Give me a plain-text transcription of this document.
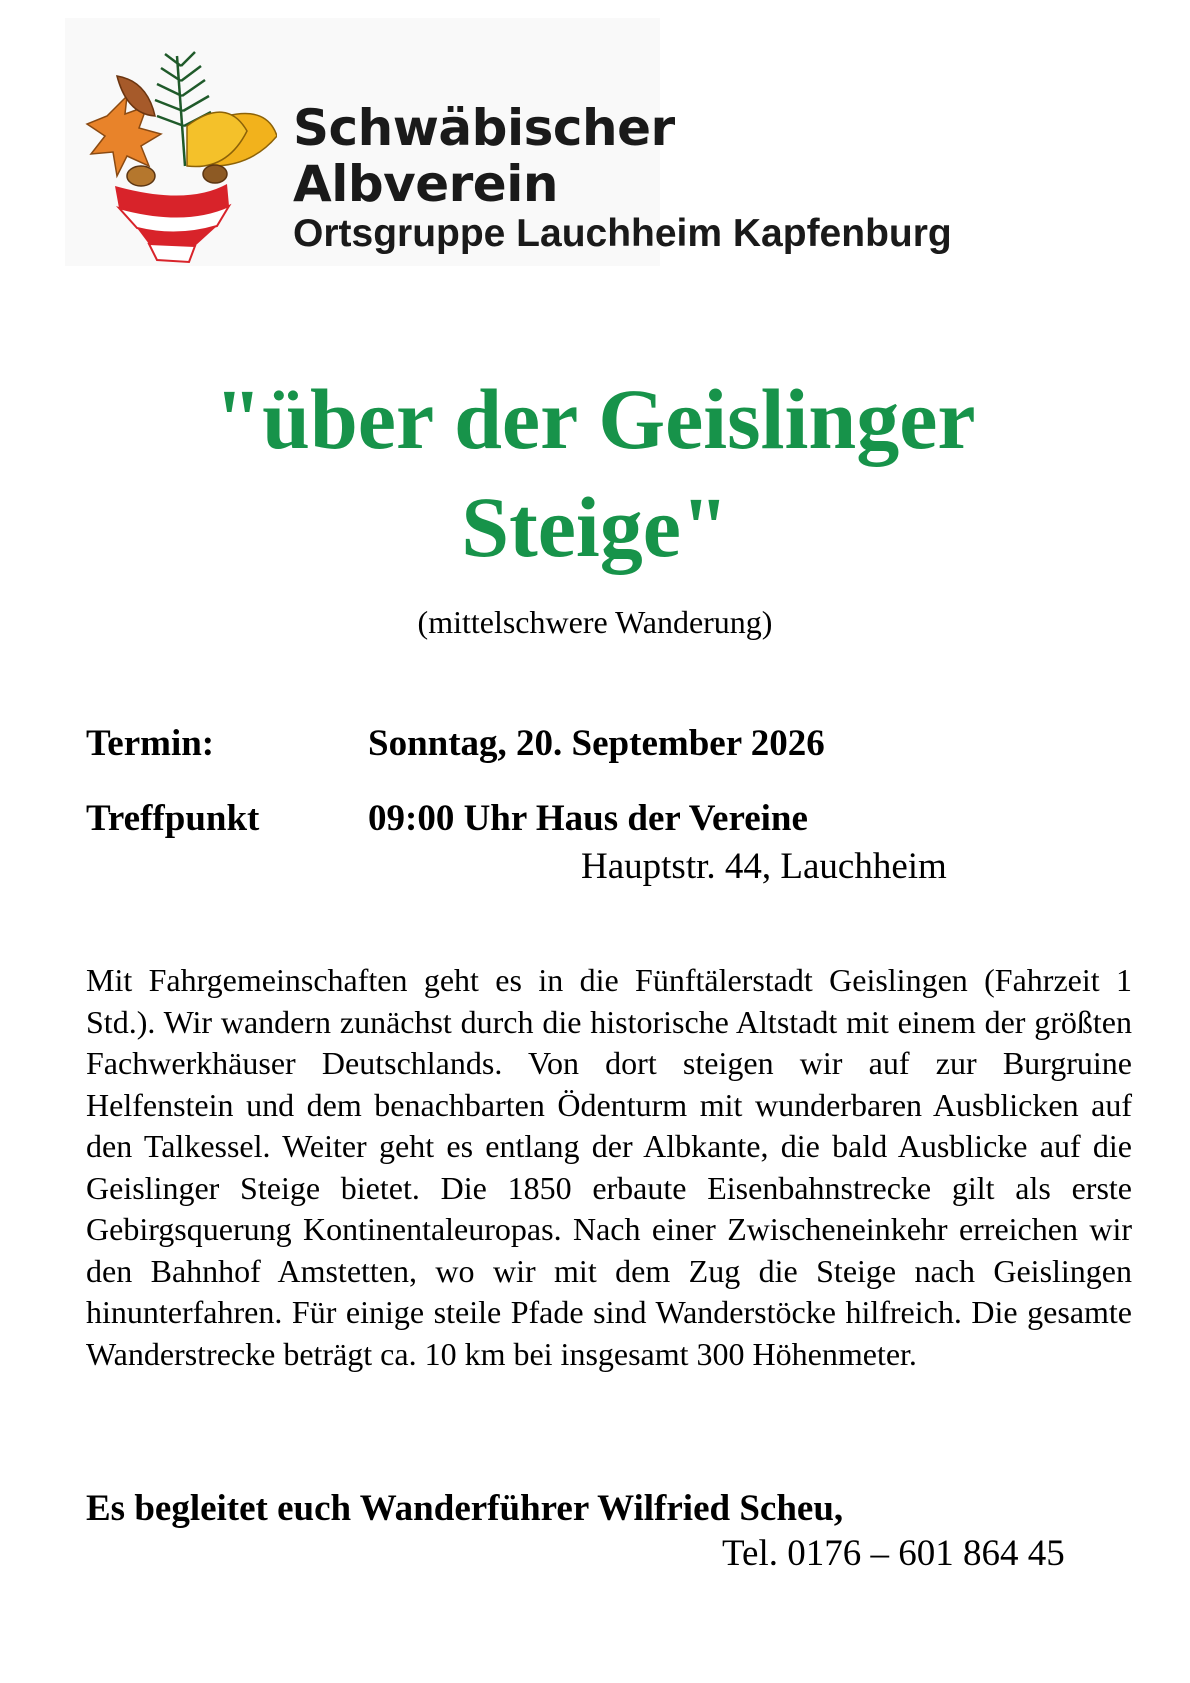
Schwäbischer
Albverein
Ortsgruppe Lauchheim Kapfenburg
"über der Geislinger
Steige"
(mittelschwere Wanderung)
Termin:	Sonntag, 20. September 2026
Treffpunkt	09:00 Uhr Haus der Vereine
Hauptstr. 44, Lauchheim

Mit Fahrgemeinschaften geht es in die Fünftälerstadt Geislingen (Fahrzeit 1 Std.). Wir wandern zunächst durch die historische Altstadt mit einem der größten Fachwerkhäuser Deutschlands. Von dort steigen wir auf zur Burgruine Helfenstein und dem benachbarten Ödenturm mit wunderbaren Ausblicken auf den Talkessel. Weiter geht es entlang der Albkante, die bald Ausblicke auf die Geislinger Steige bietet. Die 1850 erbaute Eisenbahnstrecke gilt als erste Gebirgsquerung Kontinentaleuropas. Nach einer Zwischeneinkehr erreichen wir den Bahnhof Amstetten, wo wir mit dem Zug die Steige nach Geislingen hinunterfahren. Für einige steile Pfade sind Wanderstöcke hilfreich. Die gesamte Wanderstrecke beträgt ca. 10 km bei insgesamt 300 Höhenmeter.

Es begleitet euch Wanderführer Wilfried Scheu,
Tel. 0176 – 601 864 45
